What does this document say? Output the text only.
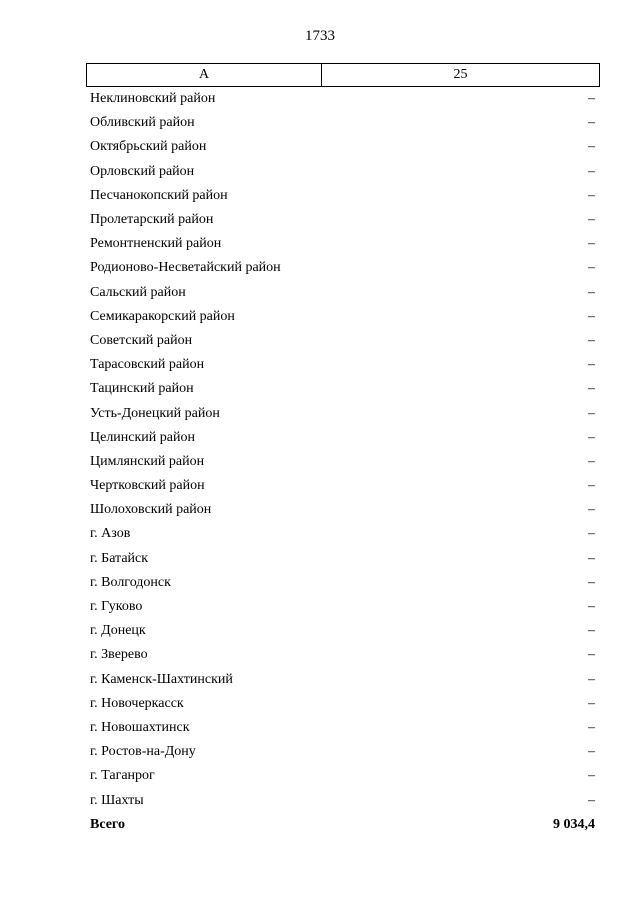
1733
А	25
Неклиновский район	–
Обливский район	–
Октябрьский район	–
Орловский район	–
Песчанокопский район	–
Пролетарский район	–
Ремонтненский район	–
Родионово-Несветайский район	–
Сальский район	–
Семикаракорский район	–
Советский район	–
Тарасовский район	–
Тацинский район	–
Усть-Донецкий район	–
Целинский район	–
Цимлянский район	–
Чертковский район	–
Шолоховский район	–
г. Азов	–
г. Батайск	–
г. Волгодонск	–
г. Гуково	–
г. Донецк	–
г. Зверево	–
г. Каменск-Шахтинский	–
г. Новочеркасск	–
г. Новошахтинск	–
г. Ростов-на-Дону	–
г. Таганрог	–
г. Шахты	–
Всего	9 034,4
